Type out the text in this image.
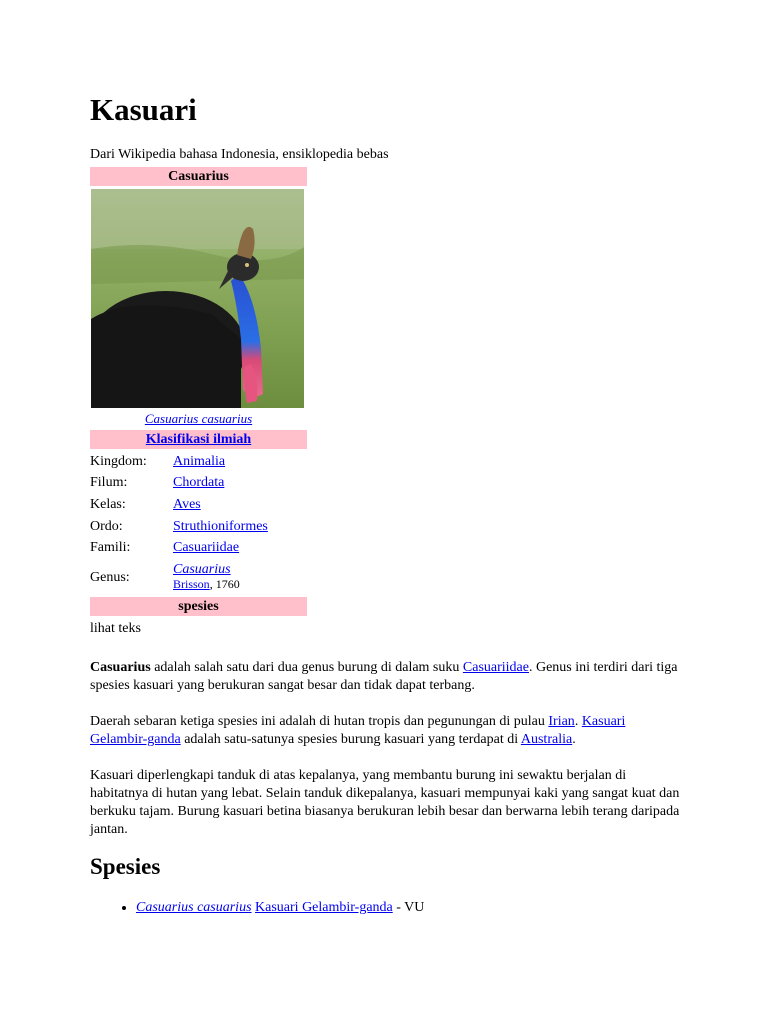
Kasuari
Dari Wikipedia bahasa Indonesia, ensiklopedia bebas
Casuarius
Casuarius casuarius
Klasifikasi ilmiah
Kingdom: Animalia
Filum:	Chordata
Kelas:	Aves
Ordo:	Struthioniformes
Famili:	Casuariidae
Genus:
Casuarius
Brisson, 1760
spesies
lihat teks
Casuarius adalah salah satu dari dua genus burung di dalam suku Casuariidae. Genus ini terdiri dari tiga spesies kasuari yang berukuran sangat besar dan tidak dapat terbang.
Daerah sebaran ketiga spesies ini adalah di hutan tropis dan pegunungan di pulau Irian. Kasuari Gelambir-ganda adalah satu-satunya spesies burung kasuari yang terdapat di Australia.
Kasuari diperlengkapi tanduk di atas kepalanya, yang membantu burung ini sewaktu berjalan di habitatnya di hutan yang lebat. Selain tanduk dikepalanya, kasuari mempunyai kaki yang sangat kuat dan berkuku tajam. Burung kasuari betina biasanya berukuran lebih besar dan berwarna lebih terang daripada jantan.
Spesies
• Casuarius casuarius Kasuari Gelambir-ganda - VU
